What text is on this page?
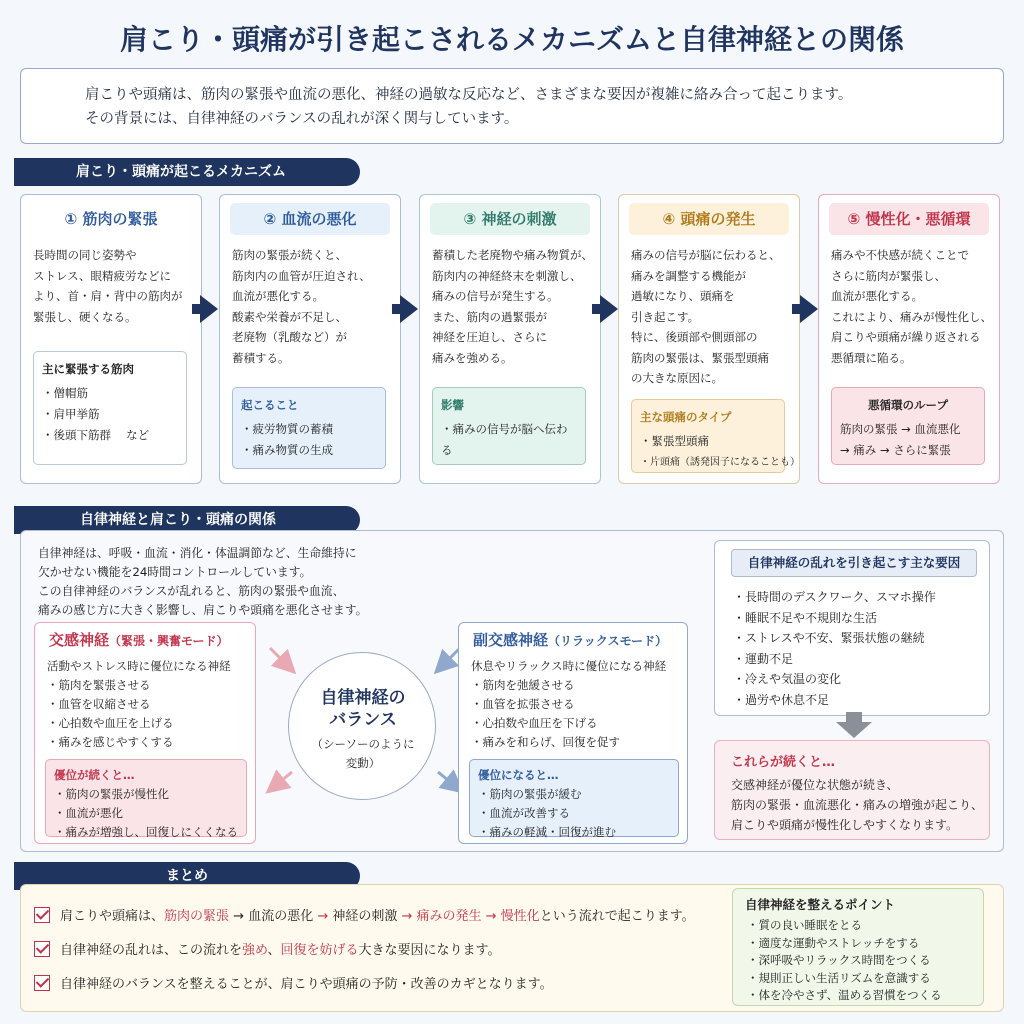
肩こり・頭痛が引き起こされるメカニズムと自律神経との関係
肩こりや頭痛は、筋肉の緊張や血流の悪化、神経の過敏な反応など、さまざまな要因が複雑に絡み合って起こります。
その背景には、自律神経のバランスの乱れが深く関与しています。
肩こり・頭痛が起こるメカニズム
① 筋肉の緊張
長時間の同じ姿勢や
ストレス、眼精疲労などに
より、首・肩・背中の筋肉が
緊張し、硬くなる。
主に緊張する筋肉
・僧帽筋
・肩甲挙筋
・後頭下筋群　 など
② 血流の悪化
筋肉の緊張が続くと、
筋肉内の血管が圧迫され、
血流が悪化する。
酸素や栄養が不足し、
老廃物（乳酸など）が
蓄積する。
起こること
・疲労物質の蓄積
・痛み物質の生成
③ 神経の刺激
蓄積した老廃物や痛み物質が、
筋肉内の神経終末を刺激し、
痛みの信号が発生する。
また、筋肉の過緊張が
神経を圧迫し、さらに
痛みを強める。
影響
・痛みの信号が脳へ伝わる
④ 頭痛の発生
痛みの信号が脳に伝わると、
痛みを調整する機能が
過敏になり、頭痛を
引き起こす。
特に、後頭部や側頭部の
筋肉の緊張は、緊張型頭痛
の大きな原因に。
主な頭痛のタイプ
・緊張型頭痛
・片頭痛（誘発因子になることも）
⑤ 慢性化・悪循環
痛みや不快感が続くことで
さらに筋肉が緊張し、
血流が悪化する。
これにより、痛みが慢性化し、
肩こりや頭痛が繰り返される
悪循環に陥る。
悪循環のループ
筋肉の緊張 → 血流悪化
→ 痛み → さらに緊張
自律神経と肩こり・頭痛の関係
自律神経は、呼吸・血流・消化・体温調節など、生命維持に
欠かせない機能を24時間コントロールしています。
この自律神経のバランスが乱れると、筋肉の緊張や血流、
痛みの感じ方に大きく影響し、肩こりや頭痛を悪化させます。
交感神経（緊張・興奮モード）
活動やストレス時に優位になる神経
・筋肉を緊張させる
・血管を収縮させる
・心拍数や血圧を上げる
・痛みを感じやすくする
優位が続くと…
・筋肉の緊張が慢性化
・血流が悪化
・痛みが増強し、回復しにくくなる
自律神経の
バランス
（シーソーのように
変動）
副交感神経（リラックスモード）
休息やリラックス時に優位になる神経
・筋肉を弛緩させる
・血管を拡張させる
・心拍数や血圧を下げる
・痛みを和らげ、回復を促す
優位になると…
・筋肉の緊張が緩む
・血流が改善する
・痛みの軽減・回復が進む
自律神経の乱れを引き起こす主な要因
・長時間のデスクワーク、スマホ操作
・睡眠不足や不規則な生活
・ストレスや不安、緊張状態の継続
・運動不足
・冷えや気温の変化
・過労や休息不足
これらが続くと…
交感神経が優位な状態が続き、
筋肉の緊張・血流悪化・痛みの増強が起こり、
肩こりや頭痛が慢性化しやすくなります。
まとめ
肩こりや頭痛は、筋肉の緊張 → 血流の悪化 → 神経の刺激 → 痛みの発生 → 慢性化という流れで起こります。
自律神経の乱れは、この流れを強め、回復を妨げる大きな要因になります。
自律神経のバランスを整えることが、肩こりや頭痛の予防・改善のカギとなります。
自律神経を整えるポイント
・質の良い睡眠をとる
・適度な運動やストレッチをする
・深呼吸やリラックス時間をつくる
・規則正しい生活リズムを意識する
・体を冷やさず、温める習慣をつくる
